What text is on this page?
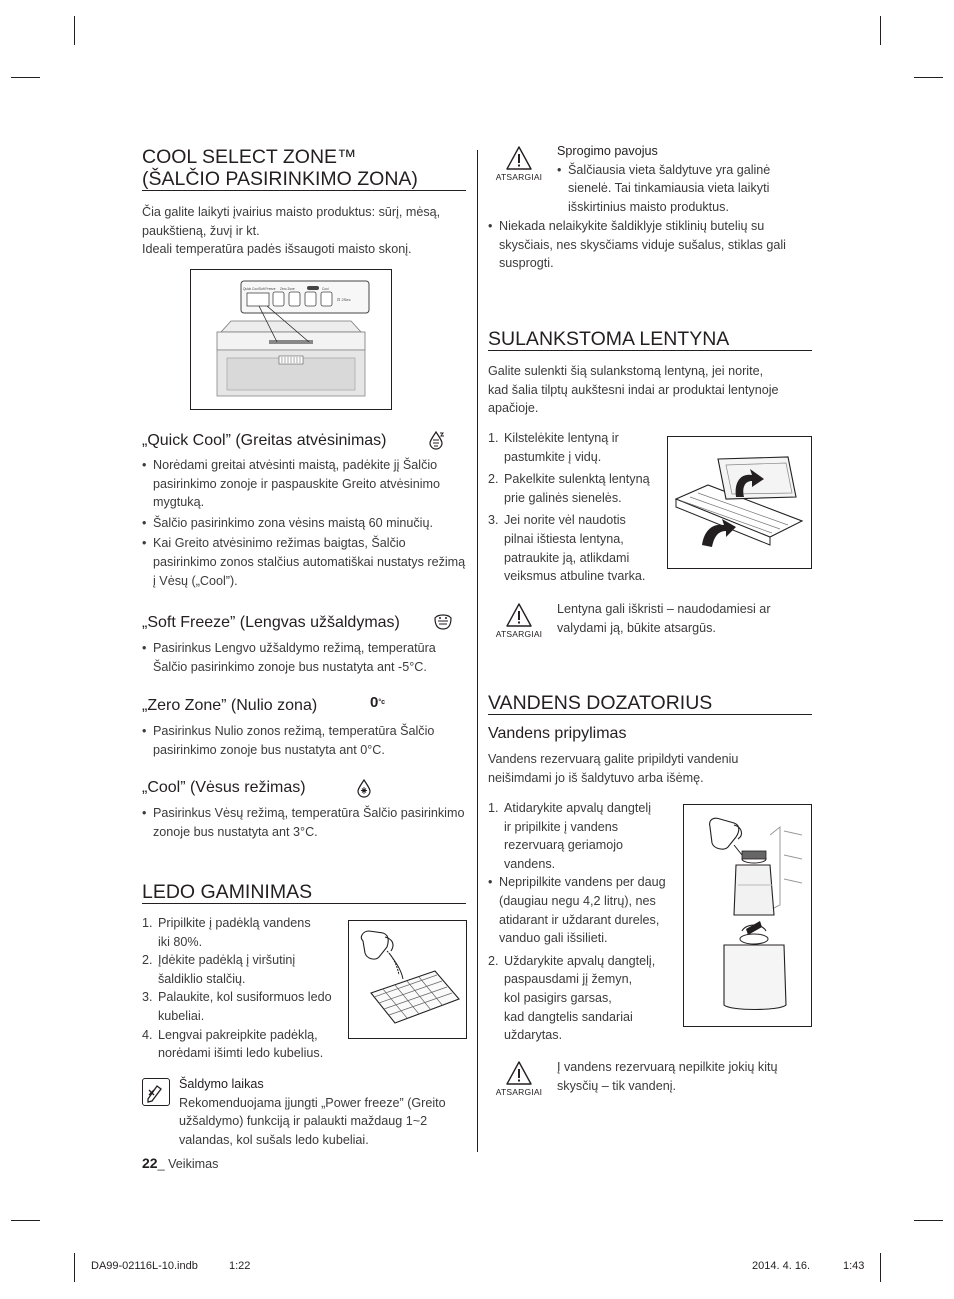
COOL SELECT ZONE™
(ŠALČIO PASIRINKIMO ZONA)
Čia galite laikyti įvairius maisto produktus: sūrį, mėsą,
paukštieną, žuvį ir kt.
Ideali temperatūra padės išsaugoti maisto skonį.
Quick Cool Soft Freeze Zero Zone	Cool
⊡ 2Sec
„Quick Cool” (Greitas atvėsinimas)
• Norėdami greitai atvėsinti maistą, padėkite jį Šalčio pasirinkimo zonoje ir paspauskite Greito atvėsinimo mygtuką.
• Šalčio pasirinkimo zona vėsins maistą 60 minučių.
• Kai Greito atvėsinimo režimas baigtas, Šalčio pasirinkimo zonos stalčius automatiškai nustatys režimą į Vėsų („Cool”).
„Soft Freeze” (Lengvas užšaldymas)
• Pasirinkus Lengvo užšaldymo režimą, temperatūra Šalčio pasirinkimo zonoje bus nustatyta ant -5°C.
„Zero Zone” (Nulio zona)	$0^{^\circ c}$
• Pasirinkus Nulio zonos režimą, temperatūra Šalčio pasirinkimo zonoje bus nustatyta ant 0°C.
„Cool” (Vėsus režimas)
• Pasirinkus Vėsų režimą, temperatūra Šalčio pasirinkimo zonoje bus nustatyta ant 3°C.
LEDO GAMINIMAS
1. Pripilkite į padėklą vandens
iki 80%.
2. Įdėkite padėklą į viršutinį
šaldiklio stalčių.
3. Palaukite, kol susiformuos ledo
kubeliai.
4. Lengvai pakreipkite padėklą,
norėdami išimti ledo kubelius.
Šaldymo laikas
Rekomenduojama įjungti „Power freeze” (Greito
užšaldymo) funkciją ir palaukti maždaug 1~2
valandas, kol sušals ledo kubeliai.
22_ Veikimas
ATSARGIAI
Sprogimo pavojus
• Šalčiausia vieta šaldytuve yra galinė
sienelė. Tai tinkamiausia vieta laikyti
išskirtinius maisto produktus.
• Niekada nelaikykite šaldiklyje stiklinių butelių su
skysčiais, nes skysčiams viduje sušalus, stiklas gali
susprogti.
SULANKSTOMA LENTYNA
Galite sulenkti šią sulankstomą lentyną, jei norite,
kad šalia tilptų aukštesni indai ar produktai lentynoje
apačioje.
1. Kilstelėkite lentyną ir
pastumkite į vidų.
2. Pakelkite sulenktą lentyną
prie galinės sienelės.
3. Jei norite vėl naudotis
pilnai ištiesta lentyna,
patraukite ją, atlikdami
veiksmus atbuline tvarka.
ATSARGIAI
Lentyna gali iškristi – naudodamiesi ar
valydami ją, būkite atsargūs.
VANDENS DOZATORIUS
Vandens pripylimas
Vandens rezervuarą galite pripildyti vandeniu
neišimdami jo iš šaldytuvo arba išėmę.
1. Atidarykite apvalų dangtelį
ir pripilkite į vandens
rezervuarą geriamojo
vandens.
• Nepripilkite vandens per daug
(daugiau negu 4,2 litrų), nes
atidarant ir uždarant dureles,
vanduo gali išsilieti.
2. Uždarykite apvalų dangtelį,
paspausdami jį žemyn,
kol pasigirs garsas,
kad dangtelis sandariai
uždarytas.
ATSARGIAI
Į vandens rezervuarą nepilkite jokių kitų
skysčių – tik vandenį.
DA99-02116L-10.indb	1:22	2014. 4. 16.	1:43
